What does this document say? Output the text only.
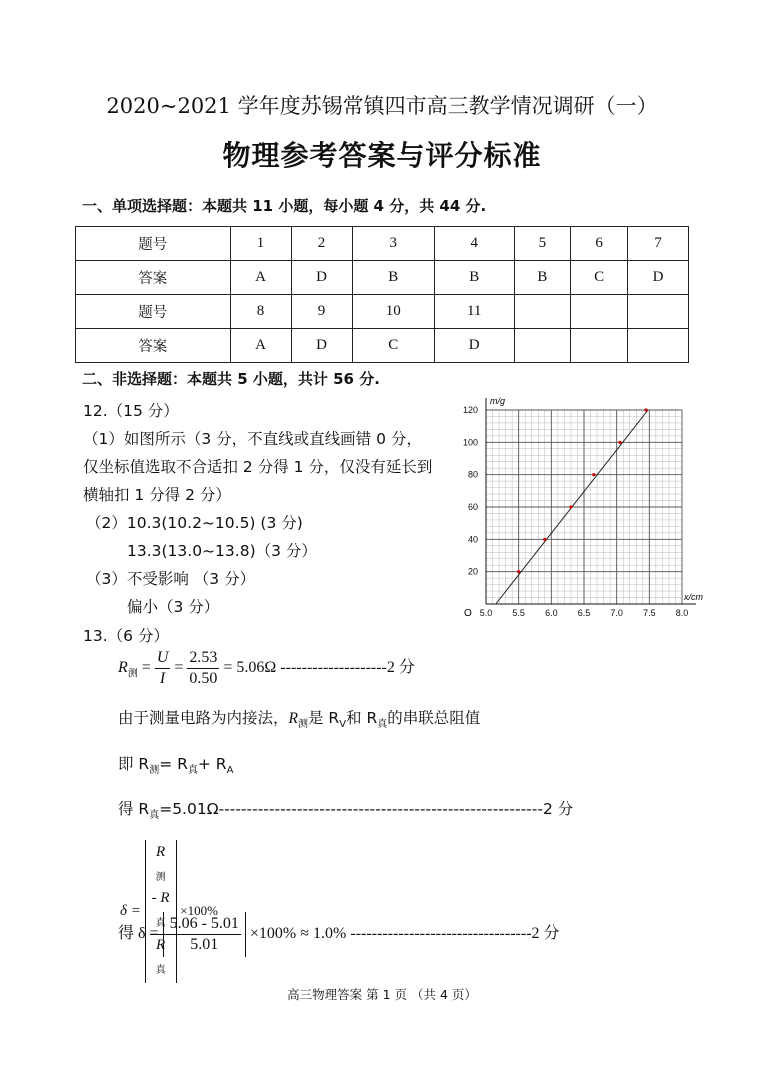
2020~2021 学年度苏锡常镇四市高三教学情况调研（一）
物理参考答案与评分标准
一、单项选择题：本题共 11 小题，每小题 4 分，共 44 分.
题号	1	2	3	4	5	6	7
答案	A	D	B	B	B	C	D
题号	8	9	10	11			
答案	A	D	C	D			
二、非选择题：本题共 5 小题，共计 56 分.
12.（15 分）
（1）如图所示（3 分，不直线或直线画错 0 分，
仅坐标值选取不合适扣 2 分得 1 分，仅没有延长到
横轴扣 1 分得 2 分）
（2）10.3(10.2~10.5) (3 分)
13.3(13.0~13.8)（3 分）
（3）不受影响 （3 分）
偏小（3 分）	5.0 5.5 6.0 6.5 7.0 7.5 8.0
20
40
60
80
100
120
m/g
x/cm
O
13.（6 分）
$R_测 = \frac{U}{I} = \frac{2.53}{0.50} = 5.06\Omega$ --------------------2 分
由于测量电路为内接法，$R_测$是 $R_V$和 $R_真$的串联总阻值
即 $R_测= R_真+ R_A$
得 $R_真=5.01\Omega----------------------------------------------------------2$ 分
δ = R
$_测$
- R
$_真$
R
$_真$ ×100%
得 $\delta = \frac{5.06 - 5.01}{5.01} \times 100\% \approx 1.0\%$ ----------------------------------2 分
高三物理答案 第 1 页 （共 4 页）
